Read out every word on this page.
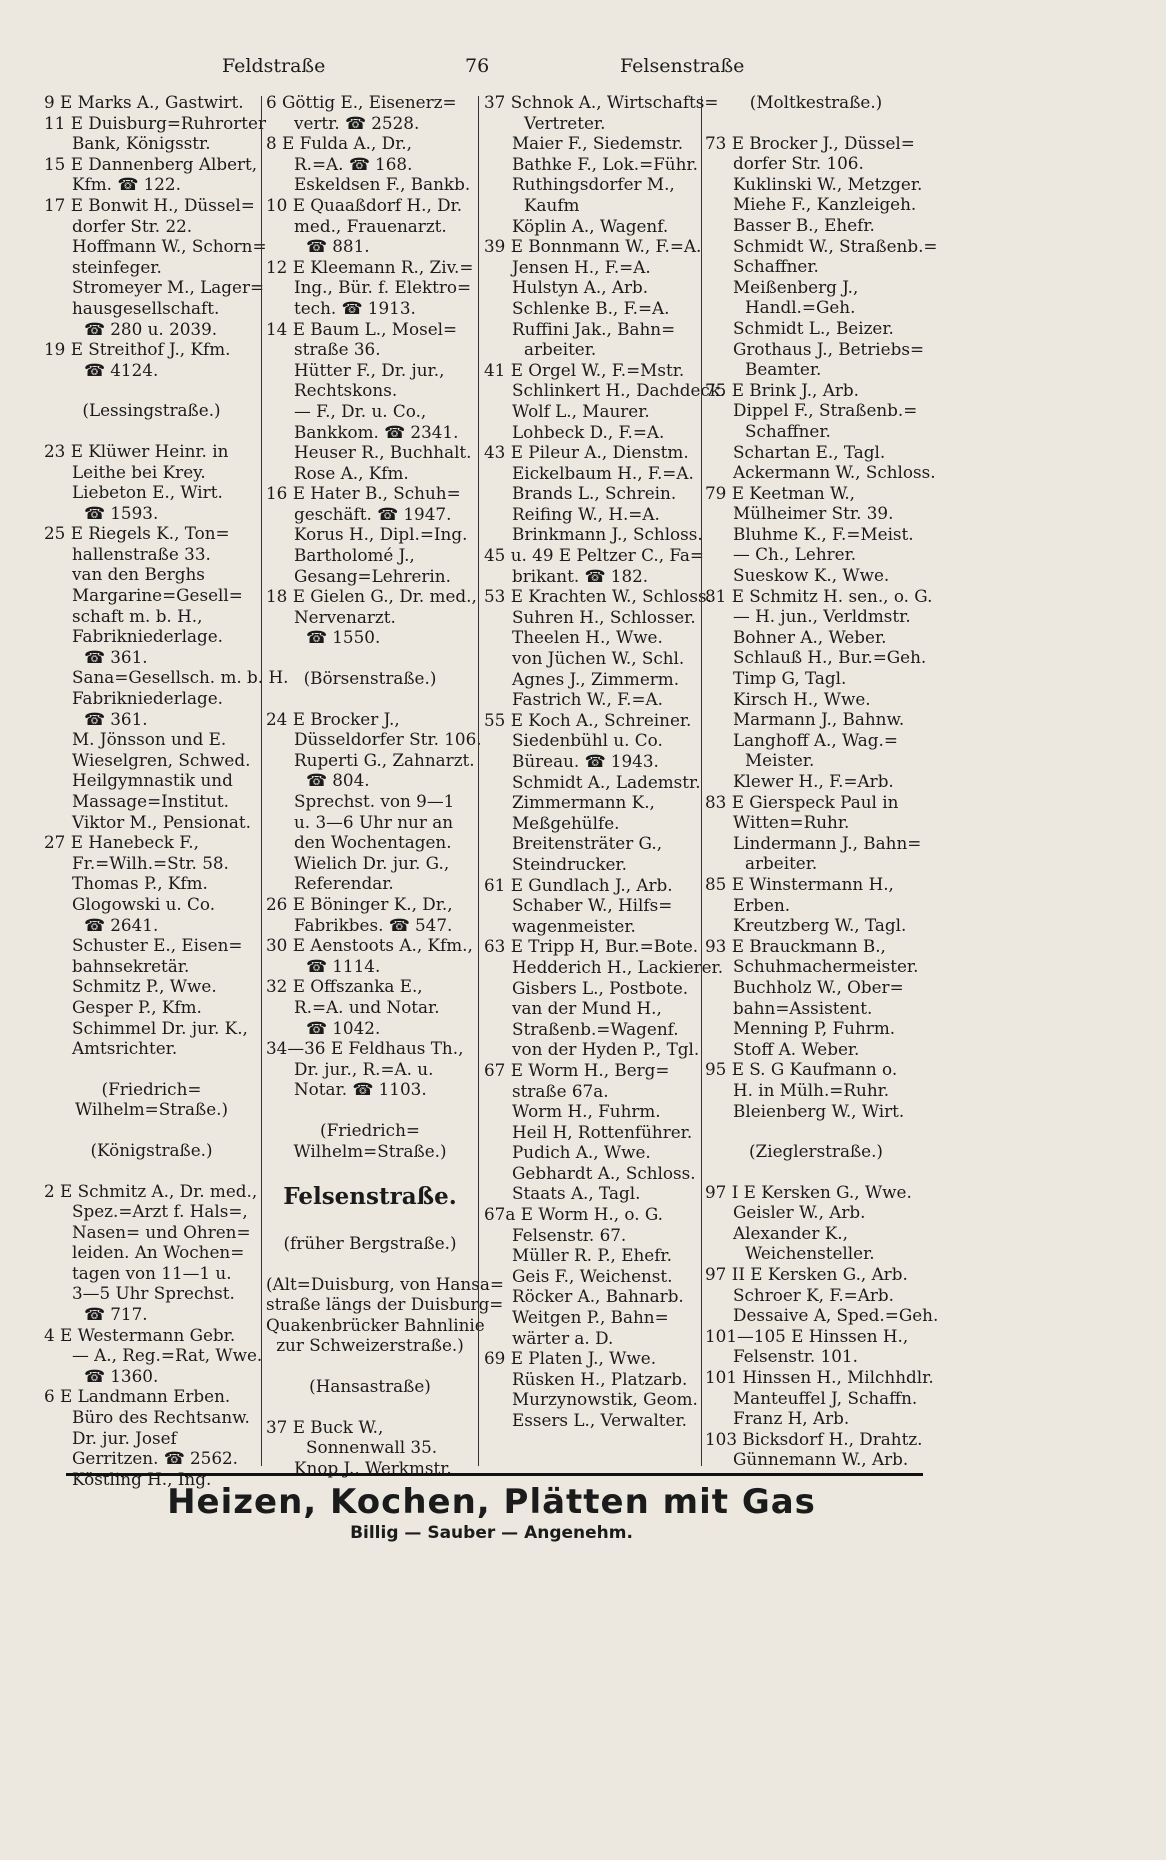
Feldstraße	76	Felsenstraße
9 E Marks A., Gastwirt.
11 E Duisburg=Ruhrorter
Bank, Königsstr.
15 E Dannenberg Albert,
Kfm. ☎ 122.
17 E Bonwit H., Düssel=
dorfer Str. 22.
Hoffmann W., Schorn=
steinfeger.
Stromeyer M., Lager=
hausgesellschaft.
☎ 280 u. 2039.
19 E Streithof J., Kfm.
☎ 4124.
(Lessingstraße.)
23 E Klüwer Heinr. in
Leithe bei Krey.
Liebeton E., Wirt.
☎ 1593.
25 E Riegels K., Ton=
hallenstraße 33.
van den Berghs
Margarine=Gesell=
schaft m. b. H.,
Fabrikniederlage.
☎ 361.
Sana=Gesellsch. m. b. H.
Fabrikniederlage.
☎ 361.
M. Jönsson und E.
Wieselgren, Schwed.
Heilgymnastik und
Massage=Institut.
Viktor M., Pensionat.
27 E Hanebeck F.,
Fr.=Wilh.=Str. 58.
Thomas P., Kfm.
Glogowski u. Co.
☎ 2641.
Schuster E., Eisen=
bahnsekretär.
Schmitz P., Wwe.
Gesper P., Kfm.
Schimmel Dr. jur. K.,
Amtsrichter.
(Friedrich=
Wilhelm=Straße.)
(Königstraße.)
2 E Schmitz A., Dr. med.,
Spez.=Arzt f. Hals=,
Nasen= und Ohren=
leiden. An Wochen=
tagen von 11—1 u.
3—5 Uhr Sprechst.
☎ 717.
4 E Westermann Gebr.
— A., Reg.=Rat, Wwe.
☎ 1360.
6 E Landmann Erben.
Büro des Rechtsanw.
Dr. jur. Josef
Gerritzen. ☎ 2562.
Köstling H., Ing.
6 Göttig E., Eisenerz=
vertr. ☎ 2528.
8 E Fulda A., Dr.,
R.=A. ☎ 168.
Eskeldsen F., Bankb.
10 E Quaaßdorf H., Dr.
med., Frauenarzt.
☎ 881.
12 E Kleemann R., Ziv.=
Ing., Bür. f. Elektro=
tech. ☎ 1913.
14 E Baum L., Mosel=
straße 36.
Hütter F., Dr. jur.,
Rechtskons.
— F., Dr. u. Co.,
Bankkom. ☎ 2341.
Heuser R., Buchhalt.
Rose A., Kfm.
16 E Hater B., Schuh=
geschäft. ☎ 1947.
Korus H., Dipl.=Ing.
Bartholomé J.,
Gesang=Lehrerin.
18 E Gielen G., Dr. med.,
Nervenarzt.
☎ 1550.
(Börsenstraße.)
24 E Brocker J.,
Düsseldorfer Str. 106.
Ruperti G., Zahnarzt.
☎ 804.
Sprechst. von 9—1
u. 3—6 Uhr nur an
den Wochentagen.
Wielich Dr. jur. G.,
Referendar.
26 E Böninger K., Dr.,
Fabrikbes. ☎ 547.
30 E Aenstoots A., Kfm.,
☎ 1114.
32 E Offszanka E.,
R.=A. und Notar.
☎ 1042.
34—36 E Feldhaus Th.,
Dr. jur., R.=A. u.
Notar. ☎ 1103.
(Friedrich=
Wilhelm=Straße.)
Felsenstraße.
(früher Bergstraße.)
(Alt=Duisburg, von Hansa=
straße längs der Duisburg=
Quakenbrücker Bahnlinie
zur Schweizerstraße.)
(Hansastraße)
37 E Buck W.,
Sonnenwall 35.
Knop J., Werkmstr.
37 Schnok A., Wirtschafts=
Vertreter.
Maier F., Siedemstr.
Bathke F., Lok.=Führ.
Ruthingsdorfer M.,
Kaufm
Köplin A., Wagenf.
39 E Bonnmann W., F.=A.
Jensen H., F.=A.
Hulstyn A., Arb.
Schlenke B., F.=A.
Ruffini Jak., Bahn=
arbeiter.
41 E Orgel W., F.=Mstr.
Schlinkert H., Dachdeck.
Wolf L., Maurer.
Lohbeck D., F.=A.
43 E Pileur A., Dienstm.
Eickelbaum H., F.=A.
Brands L., Schrein.
Reifing W., H.=A.
Brinkmann J., Schloss.
45 u. 49 E Peltzer C., Fa=
brikant. ☎ 182.
53 E Krachten W., Schloss.
Suhren H., Schlosser.
Theelen H., Wwe.
von Jüchen W., Schl.
Agnes J., Zimmerm.
Fastrich W., F.=A.
55 E Koch A., Schreiner.
Siedenbühl u. Co.
Büreau. ☎ 1943.
Schmidt A., Lademstr.
Zimmermann K.,
Meßgehülfe.
Breitensträter G.,
Steindrucker.
61 E Gundlach J., Arb.
Schaber W., Hilfs=
wagenmeister.
63 E Tripp H, Bur.=Bote.
Hedderich H., Lackierer.
Gisbers L., Postbote.
van der Mund H.,
Straßenb.=Wagenf.
von der Hyden P., Tgl.
67 E Worm H., Berg=
straße 67a.
Worm H., Fuhrm.
Heil H, Rottenführer.
Pudich A., Wwe.
Gebhardt A., Schloss.
Staats A., Tagl.
67a E Worm H., o. G.
Felsenstr. 67.
Müller R. P., Ehefr.
Geis F., Weichenst.
Röcker A., Bahnarb.
Weitgen P., Bahn=
wärter a. D.
69 E Platen J., Wwe.
Rüsken H., Platzarb.
Murzynowstik, Geom.
Essers L., Verwalter.
(Moltkestraße.)
73 E Brocker J., Düssel=
dorfer Str. 106.
Kuklinski W., Metzger.
Miehe F., Kanzleigeh.
Basser B., Ehefr.
Schmidt W., Straßenb.=
Schaffner.
Meißenberg J.,
Handl.=Geh.
Schmidt L., Beizer.
Grothaus J., Betriebs=
Beamter.
75 E Brink J., Arb.
Dippel F., Straßenb.=
Schaffner.
Schartan E., Tagl.
Ackermann W., Schloss.
79 E Keetman W.,
Mülheimer Str. 39.
Bluhme K., F.=Meist.
— Ch., Lehrer.
Sueskow K., Wwe.
81 E Schmitz H. sen., o. G.
— H. jun., Verldmstr.
Bohner A., Weber.
Schlauß H., Bur.=Geh.
Timp G, Tagl.
Kirsch H., Wwe.
Marmann J., Bahnw.
Langhoff A., Wag.=
Meister.
Klewer H., F.=Arb.
83 E Gierspeck Paul in
Witten=Ruhr.
Lindermann J., Bahn=
arbeiter.
85 E Winstermann H.,
Erben.
Kreutzberg W., Tagl.
93 E Brauckmann B.,
Schuhmachermeister.
Buchholz W., Ober=
bahn=Assistent.
Menning P, Fuhrm.
Stoff A. Weber.
95 E S. G Kaufmann o.
H. in Mülh.=Ruhr.
Bleienberg W., Wirt.
(Zieglerstraße.)
97 I E Kersken G., Wwe.
Geisler W., Arb.
Alexander K.,
Weichensteller.
97 II E Kersken G., Arb.
Schroer K, F.=Arb.
Dessaive A, Sped.=Geh.
101—105 E Hinssen H.,
Felsenstr. 101.
101 Hinssen H., Milchhdlr.
Manteuffel J, Schaffn.
Franz H, Arb.
103 Bicksdorf H., Drahtz.
Günnemann W., Arb.
Heizen, Kochen, Plätten mit Gas
Billig — Sauber — Angenehm.
